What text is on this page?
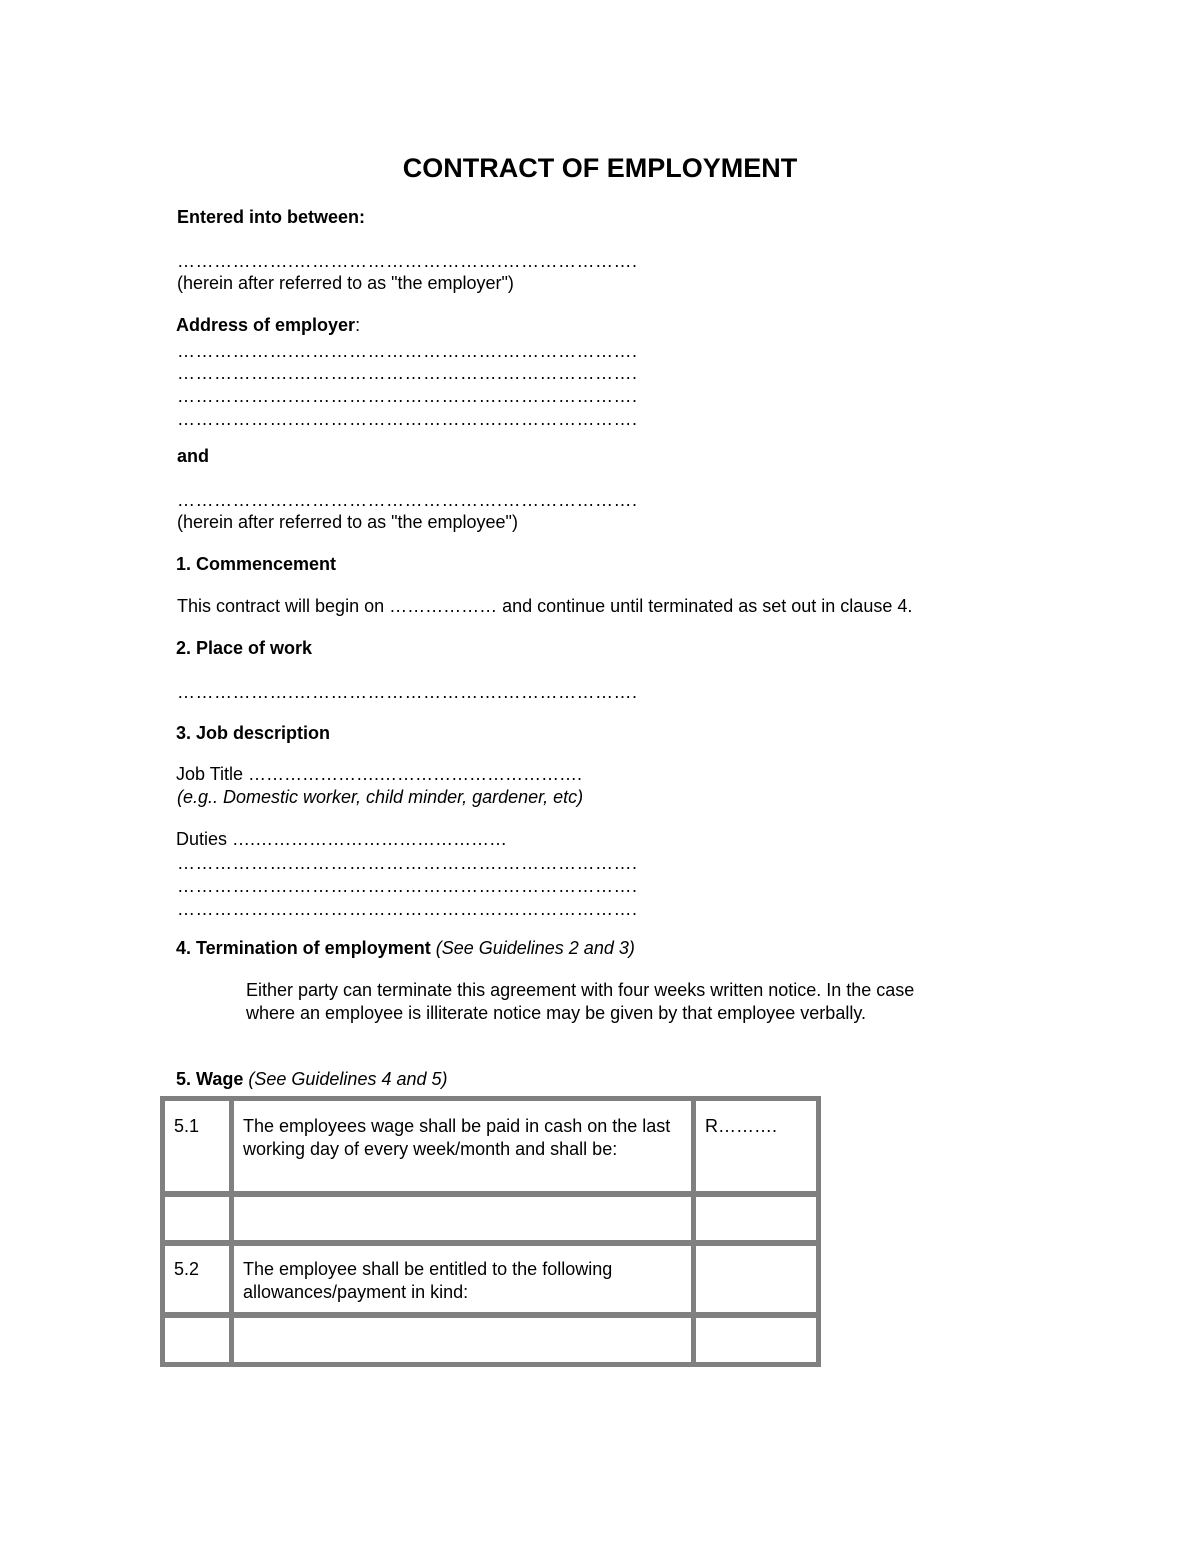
CONTRACT OF EMPLOYMENT
Entered into between:
……………….…………………………….………………….
(herein after referred to as "the employer")
Address of employer:
……………….…………………………….………………….
……………….…………………………….………………….
……………….…………………………….………………….
……………….…………………………….………………….
and
……………….…………………………….………………….
(herein after referred to as "the employee")
1. Commencement
This contract will begin on ……………… and continue until terminated as set out in clause 4.
2. Place of work
……………….…………………………….………………….
3. Job description
Job Title ………………….…………………………….
(e.g.. Domestic worker, child minder, gardener, etc)
Duties ….……………………………………
……………….…………………………….………………….
……………….…………………………….………………….
……………….…………………………….………………….
4. Termination of employment (See Guidelines 2 and 3)
Either party can terminate this agreement with four weeks written notice. In the case where an employee is illiterate notice may be given by that employee verbally.
5. Wage (See Guidelines 4 and 5)
5.1	The employees wage shall be paid in cash on the last working day of every week/month and shall be:
R……….
5.2	The employee shall be entitled to the following allowances/payment in kind:
